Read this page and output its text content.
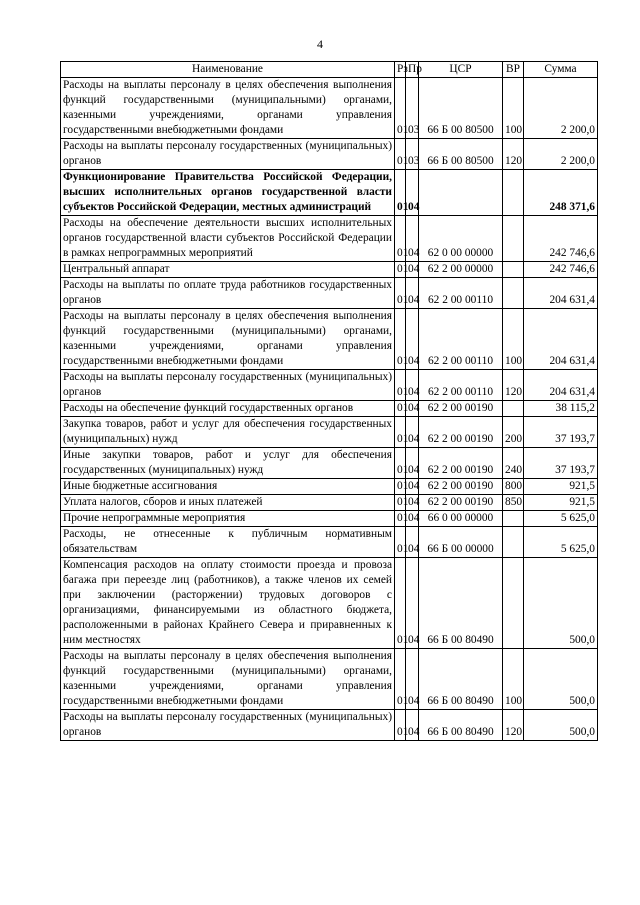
4
Наименование	Рз	Пр	ЦСР	ВР	Сумма
Расходы на выплаты персоналу в целях обеспечения выполнения функций государственными (муниципальными) органами, казенными учреждениями, органами управления государственными внебюджетными фондами	01	03	66 Б 00 80500	100	2 200,0
Расходы на выплаты персоналу государственных (муниципальных) органов	01	03	66 Б 00 80500	120	2 200,0
Функционирование Правительства Российской Федерации, высших исполнительных органов государственной власти субъектов Российской Федерации, местных администраций	01	04			248 371,6
Расходы на обеспечение деятельности высших исполнительных органов государственной власти субъектов Российской Федерации в рамках непрограммных мероприятий	01	04	62 0 00 00000		242 746,6
Центральный аппарат	01	04	62 2 00 00000		242 746,6
Расходы на выплаты по оплате труда работников государственных органов	01	04	62 2 00 00110		204 631,4
Расходы на выплаты персоналу в целях обеспечения выполнения функций государственными (муниципальными) органами, казенными учреждениями, органами управления государственными внебюджетными фондами	01	04	62 2 00 00110	100	204 631,4
Расходы на выплаты персоналу государственных (муниципальных) органов	01	04	62 2 00 00110	120	204 631,4
Расходы на обеспечение функций государственных органов	01	04	62 2 00 00190		38 115,2
Закупка товаров, работ и услуг для обеспечения государственных (муниципальных) нужд	01	04	62 2 00 00190	200	37 193,7
Иные закупки товаров, работ и услуг для обеспечения государственных (муниципальных) нужд	01	04	62 2 00 00190	240	37 193,7
Иные бюджетные ассигнования	01	04	62 2 00 00190	800	921,5
Уплата налогов, сборов и иных платежей	01	04	62 2 00 00190	850	921,5
Прочие непрограммные мероприятия	01	04	66 0 00 00000		5 625,0
Расходы, не отнесенные к публичным нормативным обязательствам	01	04	66 Б 00 00000		5 625,0
Компенсация расходов на оплату стоимости проезда и провоза багажа при переезде лиц (работников), а также членов их семей при заключении (расторжении) трудовых договоров с организациями, финансируемыми из областного бюджета, расположенными в районах Крайнего Севера и приравненных к ним местностях	01	04	66 Б 00 80490		500,0
Расходы на выплаты персоналу в целях обеспечения выполнения функций государственными (муниципальными) органами, казенными учреждениями, органами управления государственными внебюджетными фондами	01	04	66 Б 00 80490	100	500,0
Расходы на выплаты персоналу государственных (муниципальных) органов	01	04	66 Б 00 80490	120	500,0
